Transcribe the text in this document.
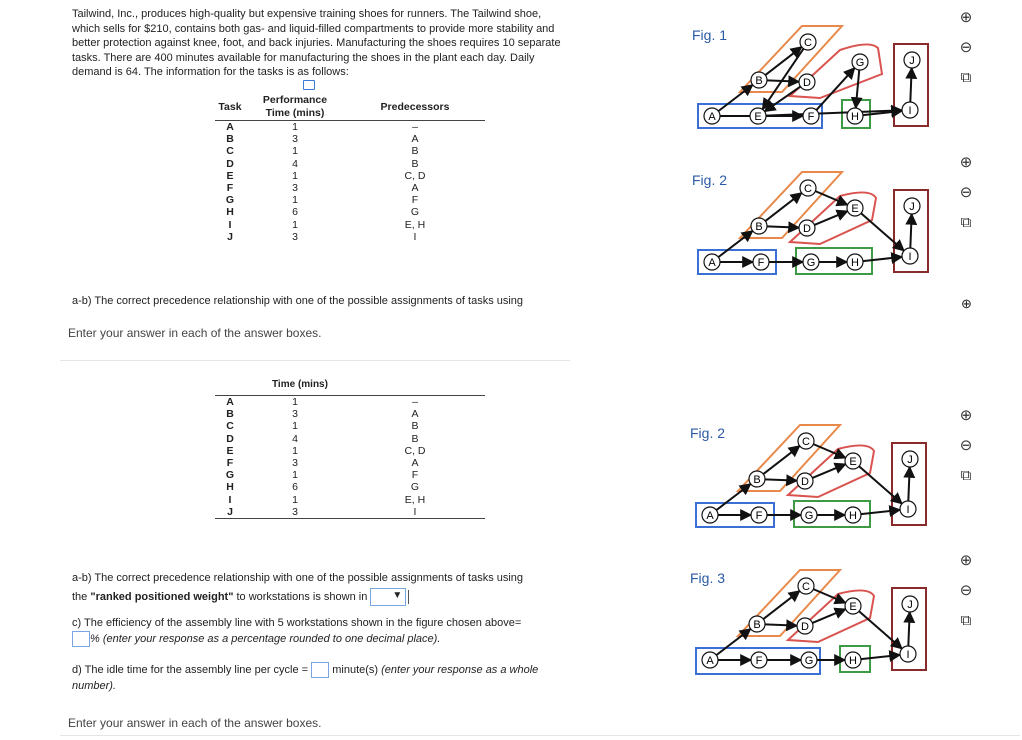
Tailwind, Inc., produces high-quality but expensive training shoes for runners. The Tailwind shoe, which sells for $210, contains both gas- and liquid-filled compartments to provide more stability and better protection against knee, foot, and back injuries. Manufacturing the shoes requires 10 separate tasks. There are 400 minutes available for manufacturing the shoes in the plant each day. Daily demand is 64. The information for the tasks is as follows:
Task	Performance
Time (mins)	Predecessors
A	1	–
B	3	A
C	1	B
D	4	B
E	1	C, D
F	3	A
G	1	F
H	6	G
I	1	E, H
J	3	I
a-b) The correct precedence relationship with one of the possible assignments of tasks using
Enter your answer in each of the answer boxes.
Time (mins)
A	1	–
B	3	A
C	1	B
D	4	B
E	1	C, D
F	3	A
G	1	F
H	6	G
I	1	E, H
J	3	I
a-b) The correct precedence relationship with one of the possible assignments of tasks using
the "ranked positioned weight" to workstations is shown in	▼
c) The efficiency of the assembly line with 5 workstations shown in the figure chosen above=
% (enter your response as a percentage rounded to one decimal place).
d) The idle time for the assembly line per cycle = minute(s) (enter your response as a whole number).
Enter your answer in each of the answer boxes.
Fig. 1
Fig. 2
Fig. 2
Fig. 3
A
B
C
D
E	F
G
H	I
J
A
B
C
D
E
F	G	H	I
J
A
B
C
D
E
F	G	H	I
J
A
B
C
D
E
F	G	H	I
J
⊕
⊖
⧉
⊕
⊖
⧉
⊕
⊖
⧉
⊕
⊖
⧉
⊕
